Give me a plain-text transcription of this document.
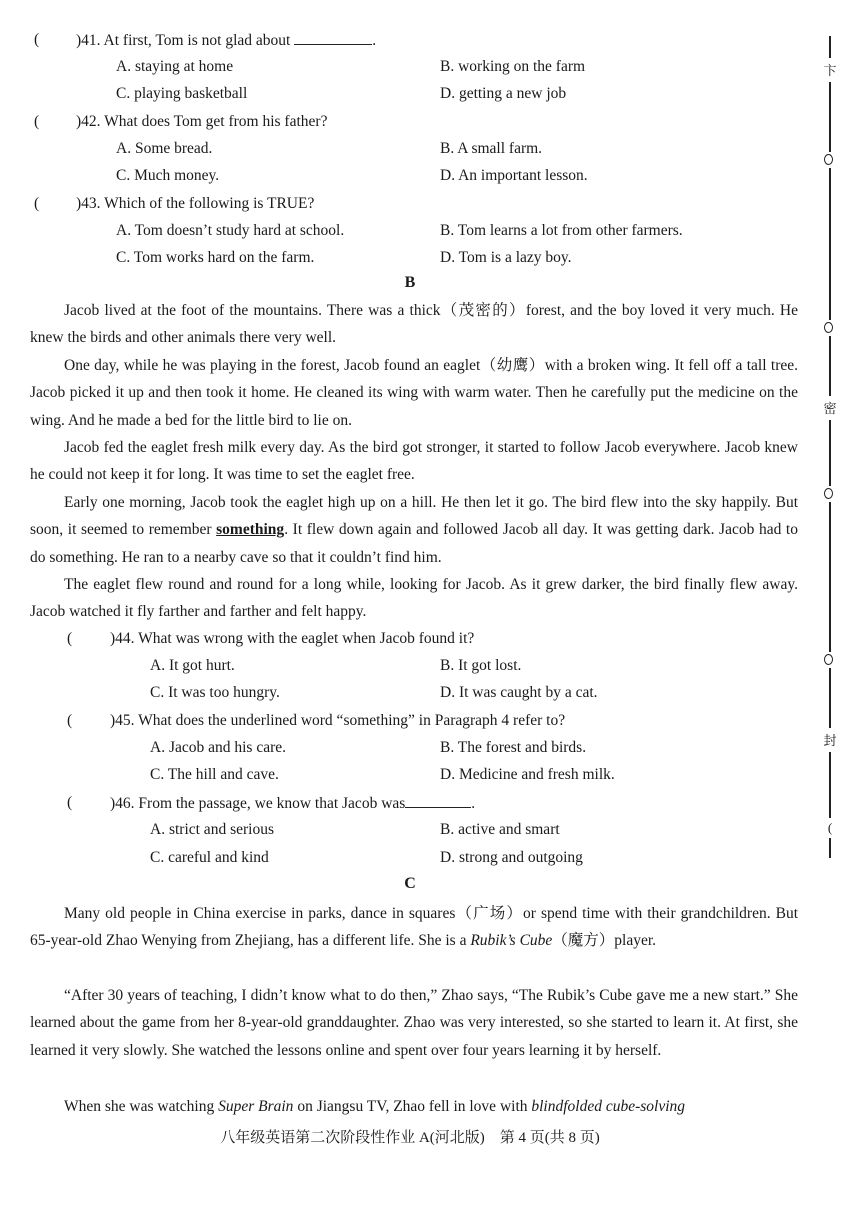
( )41. At first, Tom is not glad about	.
A. staying at home	B. working on the farm
C. playing basketball	D. getting a new job
( )42. What does Tom get from his father?
A. Some bread.	B. A small farm.
C. Much money.	D. An important lesson.
( )43. Which of the following is TRUE?
A. Tom doesn’t study hard at school.	B. Tom learns a lot from other farmers.
C. Tom works hard on the farm.	D. Tom is a lazy boy.
B
Jacob lived at the foot of the mountains. There was a thick（茂密的）forest, and the boy loved it very much. He knew the birds and other animals there very well.
One day, while he was playing in the forest, Jacob found an eaglet（幼鹰）with a broken wing. It fell off a tall tree. Jacob picked it up and then took it home. He cleaned its wing with warm water. Then he carefully put the medicine on the wing. And he made a bed for the little bird to lie on.
Jacob fed the eaglet fresh milk every day. As the bird got stronger, it started to follow Jacob everywhere. Jacob knew he could not keep it for long. It was time to set the eaglet free.
Early one morning, Jacob took the eaglet high up on a hill. He then let it go. The bird flew into the sky happily. But soon, it seemed to remember something. It flew down again and followed Jacob all day. It was getting dark. Jacob had to do something. He ran to a nearby cave so that it couldn’t find him.
The eaglet flew round and round for a long while, looking for Jacob. As it grew darker, the bird finally flew away. Jacob watched it fly farther and farther and felt happy.
( )44. What was wrong with the eaglet when Jacob found it?
A. It got hurt.	B. It got lost.
C. It was too hungry.	D. It was caught by a cat.
( )45. What does the underlined word “something” in Paragraph 4 refer to?
A. Jacob and his care.	B. The forest and birds.
C. The hill and cave.	D. Medicine and fresh milk.
( )46. From the passage, we know that Jacob was	.
A. strict and serious	B. active and smart
C. careful and kind	D. strong and outgoing
C
Many old people in China exercise in parks, dance in squares（广场）or spend time with their grandchildren. But 65-year-old Zhao Wenying from Zhejiang, has a different life. She is a Rubik’s Cube（魔方）player.
“After 30 years of teaching, I didn’t know what to do then,” Zhao says, “The Rubik’s Cube gave me a new start.” She learned about the game from her 8-year-old granddaughter. Zhao was very interested, so she started to learn it. At first, she learned it very slowly. She watched the lessons online and spent over four years learning it by herself.
When she was watching Super Brain on Jiangsu TV, Zhao fell in love with blindfolded cube-solving
八年级英语第二次阶段性作业 A(河北版)　第 4 页(共 8 页)
卞
密
封
(
